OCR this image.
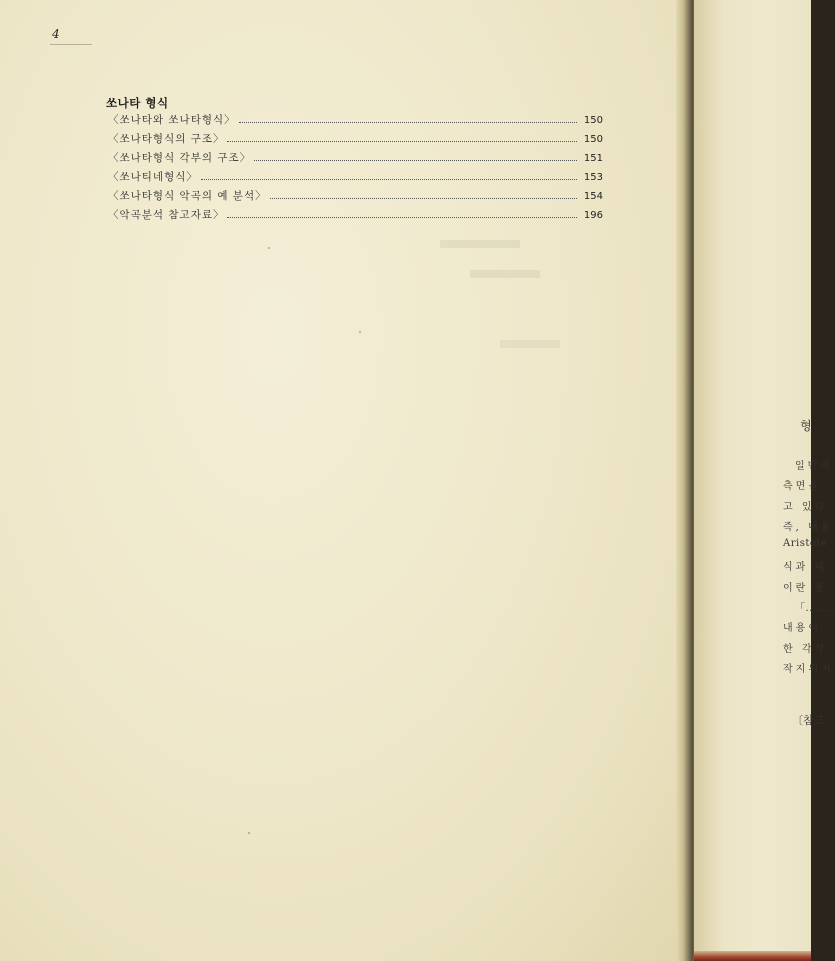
4
쏘나타 형식
〈쏘나타와 쏘나타형식〉	150
〈쏘나타형식의 구조〉	150
〈쏘나타형식 각부의 구조〉	151
〈쏘나티네형식〉	153
〈쏘나타형식 악곡의 예 분석〉	154
〈악곡분석 참고자료〉	196
형
일반적
측면을
고 있다
즉, 내용
Aristote
식과 내
이란 용
「........
내용이
한 각각
작지위지
〔참고
